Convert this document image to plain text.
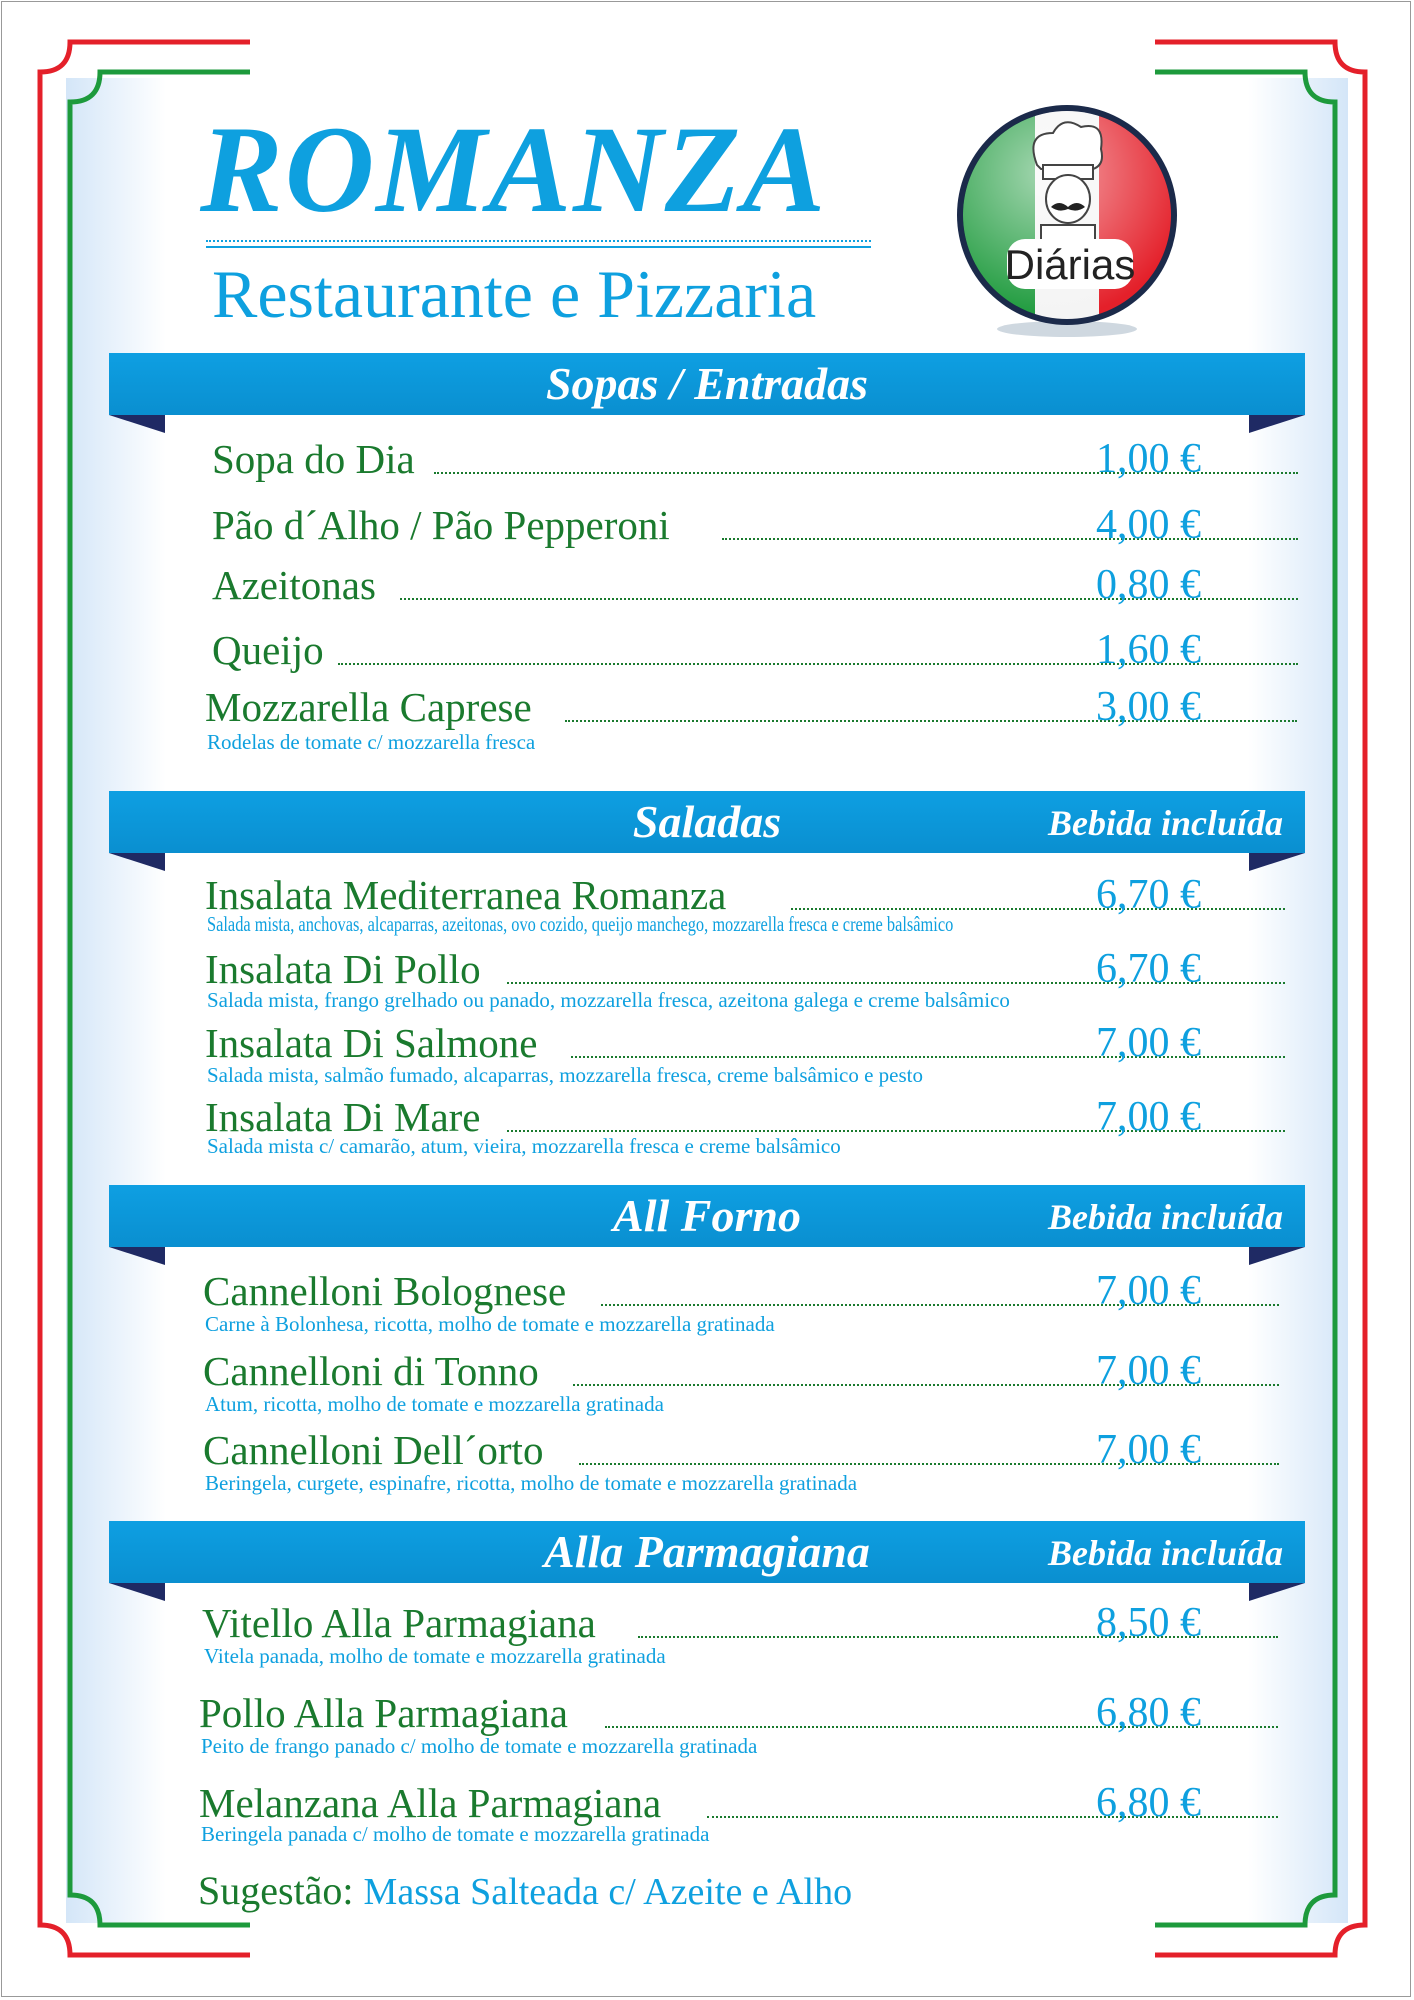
ROMANZA
Restaurante e Pizzaria	Diárias
Sopas / Entradas
Sopa do Dia	1,00 €
Pão d´Alho / Pão Pepperoni	4,00 €
Azeitonas	0,80 €
Queijo	1,60 €
Mozzarella Caprese	3,00 €
Rodelas de tomate c/ mozzarella fresca
Saladas	Bebida incluída
Insalata Mediterranea Romanza	6,70 €
Salada mista, anchovas, alcaparras, azeitonas, ovo cozido, queijo manchego, mozzarella fresca e creme balsâmico
Insalata Di Pollo	6,70 €
Salada mista, frango grelhado ou panado, mozzarella fresca, azeitona galega e creme balsâmico
Insalata Di Salmone	7,00 €
Salada mista, salmão fumado, alcaparras, mozzarella fresca, creme balsâmico e pesto
Insalata Di Mare	7,00 €
Salada mista c/ camarão, atum, vieira, mozzarella fresca e creme balsâmico
All Forno	Bebida incluída
Cannelloni Bolognese	7,00 €
Carne à Bolonhesa, ricotta, molho de tomate e mozzarella gratinada
Cannelloni di Tonno	7,00 €
Atum, ricotta, molho de tomate e mozzarella gratinada
Cannelloni Dell´orto	7,00 €
Beringela, curgete, espinafre, ricotta, molho de tomate e mozzarella gratinada
Alla Parmagiana	Bebida incluída
Vitello Alla Parmagiana	8,50 €
Vitela panada, molho de tomate e mozzarella gratinada
Pollo Alla Parmagiana	6,80 €
Peito de frango panado c/ molho de tomate e mozzarella gratinada
Melanzana Alla Parmagiana	6,80 €
Beringela panada c/ molho de tomate e mozzarella gratinada
Sugestão: Massa Salteada c/ Azeite e Alho
